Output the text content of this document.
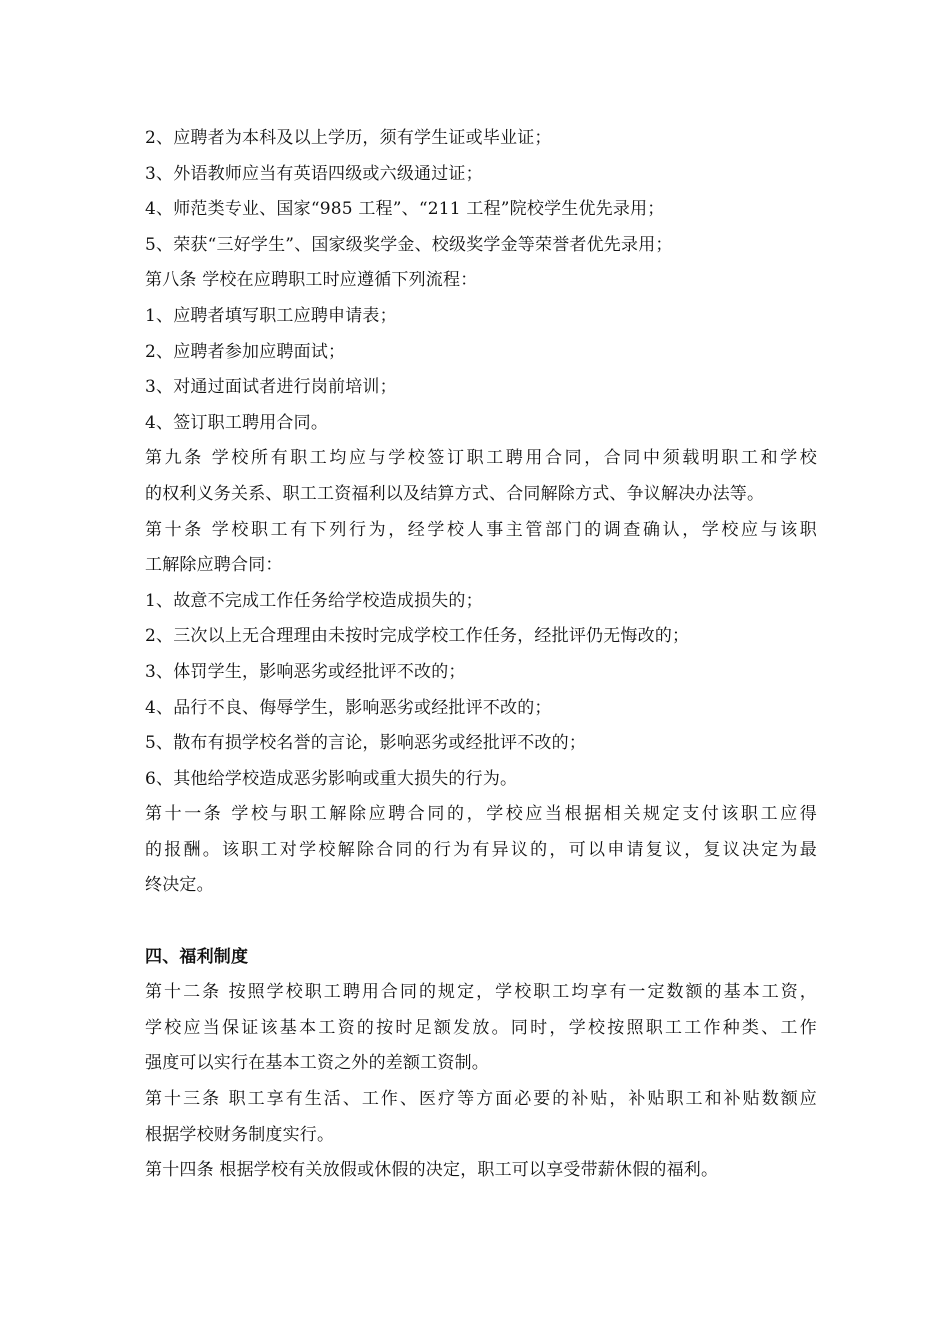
2、应聘者为本科及以上学历，须有学生证或毕业证；
3、外语教师应当有英语四级或六级通过证；
4、师范类专业、国家“985 工程”、“211 工程”院校学生优先录用；
5、荣获“三好学生”、国家级奖学金、校级奖学金等荣誉者优先录用；
第八条 学校在应聘职工时应遵循下列流程：
1、应聘者填写职工应聘申请表；
2、应聘者参加应聘面试；
3、对通过面试者进行岗前培训；
4、签订职工聘用合同。
第九条 学校所有职工均应与学校签订职工聘用合同，合同中须载明职工和学校
的权利义务关系、职工工资福利以及结算方式、合同解除方式、争议解决办法等。
第十条 学校职工有下列行为，经学校人事主管部门的调查确认，学校应与该职
工解除应聘合同：
1、故意不完成工作任务给学校造成损失的；
2、三次以上无合理理由未按时完成学校工作任务，经批评仍无悔改的；
3、体罚学生，影响恶劣或经批评不改的；
4、品行不良、侮辱学生，影响恶劣或经批评不改的；
5、散布有损学校名誉的言论，影响恶劣或经批评不改的；
6、其他给学校造成恶劣影响或重大损失的行为。
第十一条 学校与职工解除应聘合同的，学校应当根据相关规定支付该职工应得
的报酬。该职工对学校解除合同的行为有异议的，可以申请复议，复议决定为最
终决定。
四、福利制度
第十二条 按照学校职工聘用合同的规定，学校职工均享有一定数额的基本工资，
学校应当保证该基本工资的按时足额发放。同时，学校按照职工工作种类、工作
强度可以实行在基本工资之外的差额工资制。
第十三条 职工享有生活、工作、医疗等方面必要的补贴，补贴职工和补贴数额应
根据学校财务制度实行。
第十四条 根据学校有关放假或休假的决定，职工可以享受带薪休假的福利。
